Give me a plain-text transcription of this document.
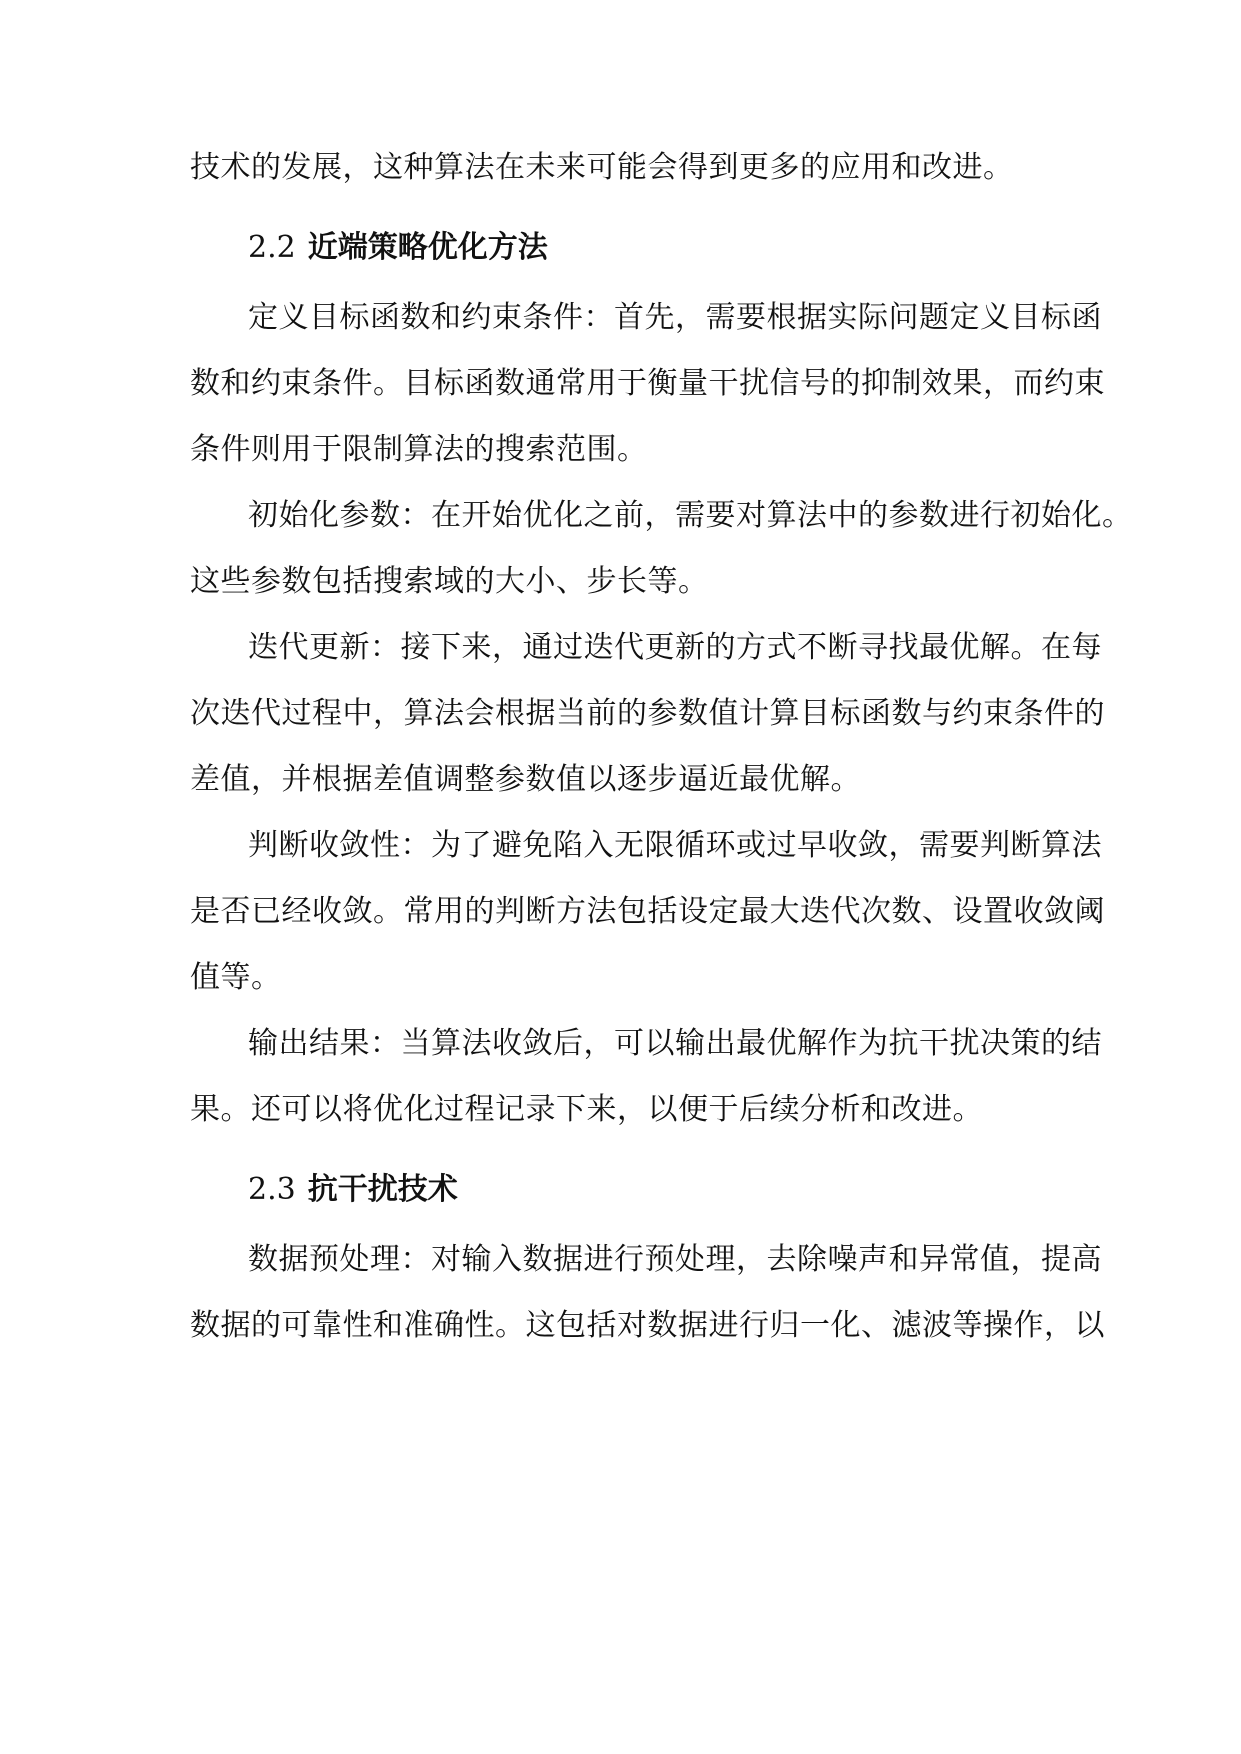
技术的发展，这种算法在未来可能会得到更多的应用和改进。
2.2 近端策略优化方法
定义目标函数和约束条件：首先，需要根据实际问题定义目标函
数和约束条件。目标函数通常用于衡量干扰信号的抑制效果，而约束
条件则用于限制算法的搜索范围。
初始化参数：在开始优化之前，需要对算法中的参数进行初始化。
这些参数包括搜索域的大小、步长等。
迭代更新：接下来，通过迭代更新的方式不断寻找最优解。在每
次迭代过程中，算法会根据当前的参数值计算目标函数与约束条件的
差值，并根据差值调整参数值以逐步逼近最优解。
判断收敛性：为了避免陷入无限循环或过早收敛，需要判断算法
是否已经收敛。常用的判断方法包括设定最大迭代次数、设置收敛阈
值等。
输出结果：当算法收敛后，可以输出最优解作为抗干扰决策的结
果。还可以将优化过程记录下来，以便于后续分析和改进。
2.3 抗干扰技术
数据预处理：对输入数据进行预处理，去除噪声和异常值，提高
数据的可靠性和准确性。这包括对数据进行归一化、滤波等操作，以
